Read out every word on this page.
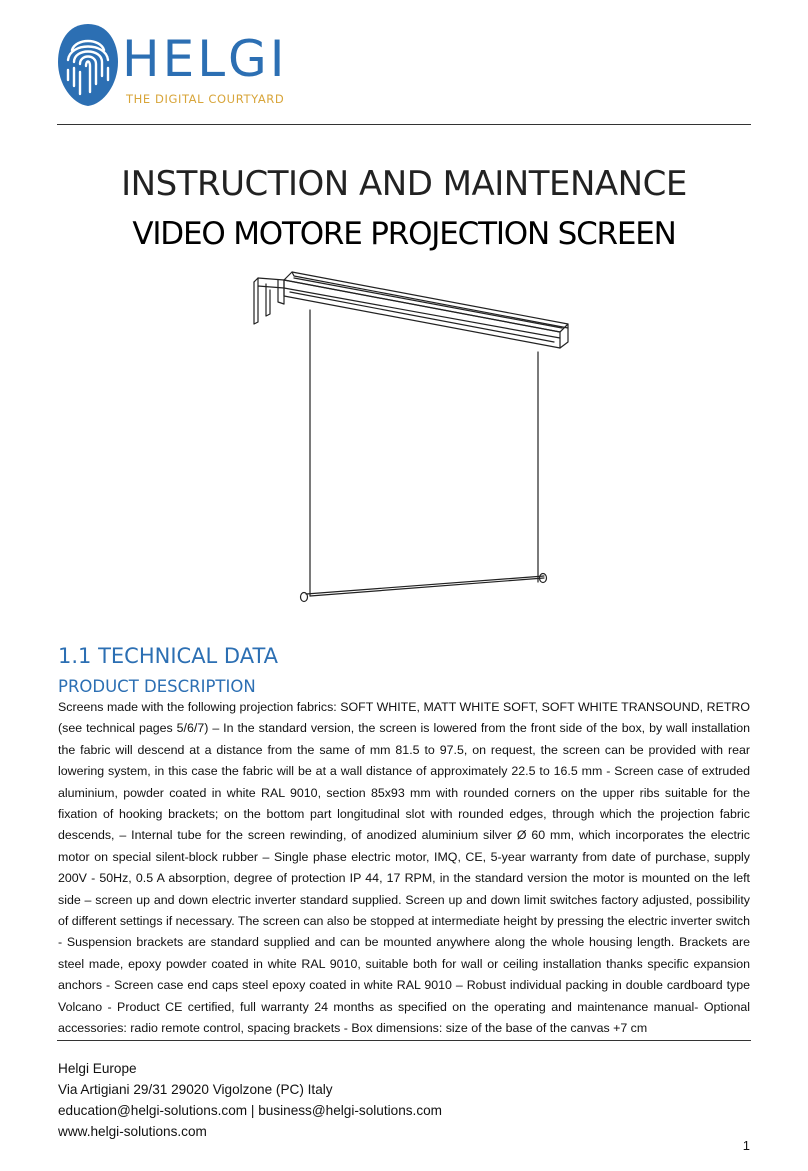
HELGI
THE DIGITAL COURTYARD
INSTRUCTION AND MAINTENANCE
VIDEO MOTORE PROJECTION SCREEN
1.1 TECHNICAL DATA
PRODUCT DESCRIPTION

Screens made with the following projection fabrics: SOFT WHITE, MATT WHITE SOFT, SOFT WHITE TRANSOUND, RETRO (see technical pages 5/6/7) – In the standard version, the screen is lowered from the front side of the box, by wall installation the fabric will descend at a distance from the same of mm 81.5 to 97.5, on request, the screen can be provided with rear lowering system, in this case the fabric will be at a wall distance of approximately 22.5 to 16.5 mm - Screen case of extruded aluminium, powder coated in white RAL 9010, section 85x93 mm with rounded corners on the upper ribs suitable for the fixation of hooking brackets; on the bottom part longitudinal slot with rounded edges, through which the projection fabric descends, – Internal tube for the screen rewinding, of anodized aluminium silver Ø 60 mm, which incorporates the electric motor on special silent-block rubber – Single phase electric motor, IMQ, CE, 5-year warranty from date of purchase, supply 200V - 50Hz, 0.5 A absorption, degree of protection IP 44, 17 RPM, in the standard version the motor is mounted on the left side – screen up and down electric inverter standard supplied. Screen up and down limit switches factory adjusted, possibility of different settings if necessary. The screen can also be stopped at intermediate height by pressing the electric inverter switch - Suspension brackets are standard supplied and can be mounted anywhere along the whole housing length. Brackets are steel made, epoxy powder coated in white RAL 9010, suitable both for wall or ceiling installation thanks specific expansion anchors - Screen case end caps steel epoxy coated in white RAL 9010 – Robust individual packing in double cardboard type Volcano - Product CE certified, full warranty 24 months as specified on the operating and maintenance manual- Optional accessories: radio remote control, spacing brackets - Box dimensions: size of the base of the canvas +7 cm

Helgi Europe
Via Artigiani 29/31 29020 Vigolzone (PC) Italy
education@helgi-solutions.com | business@helgi-solutions.com
www.helgi-solutions.com
1
